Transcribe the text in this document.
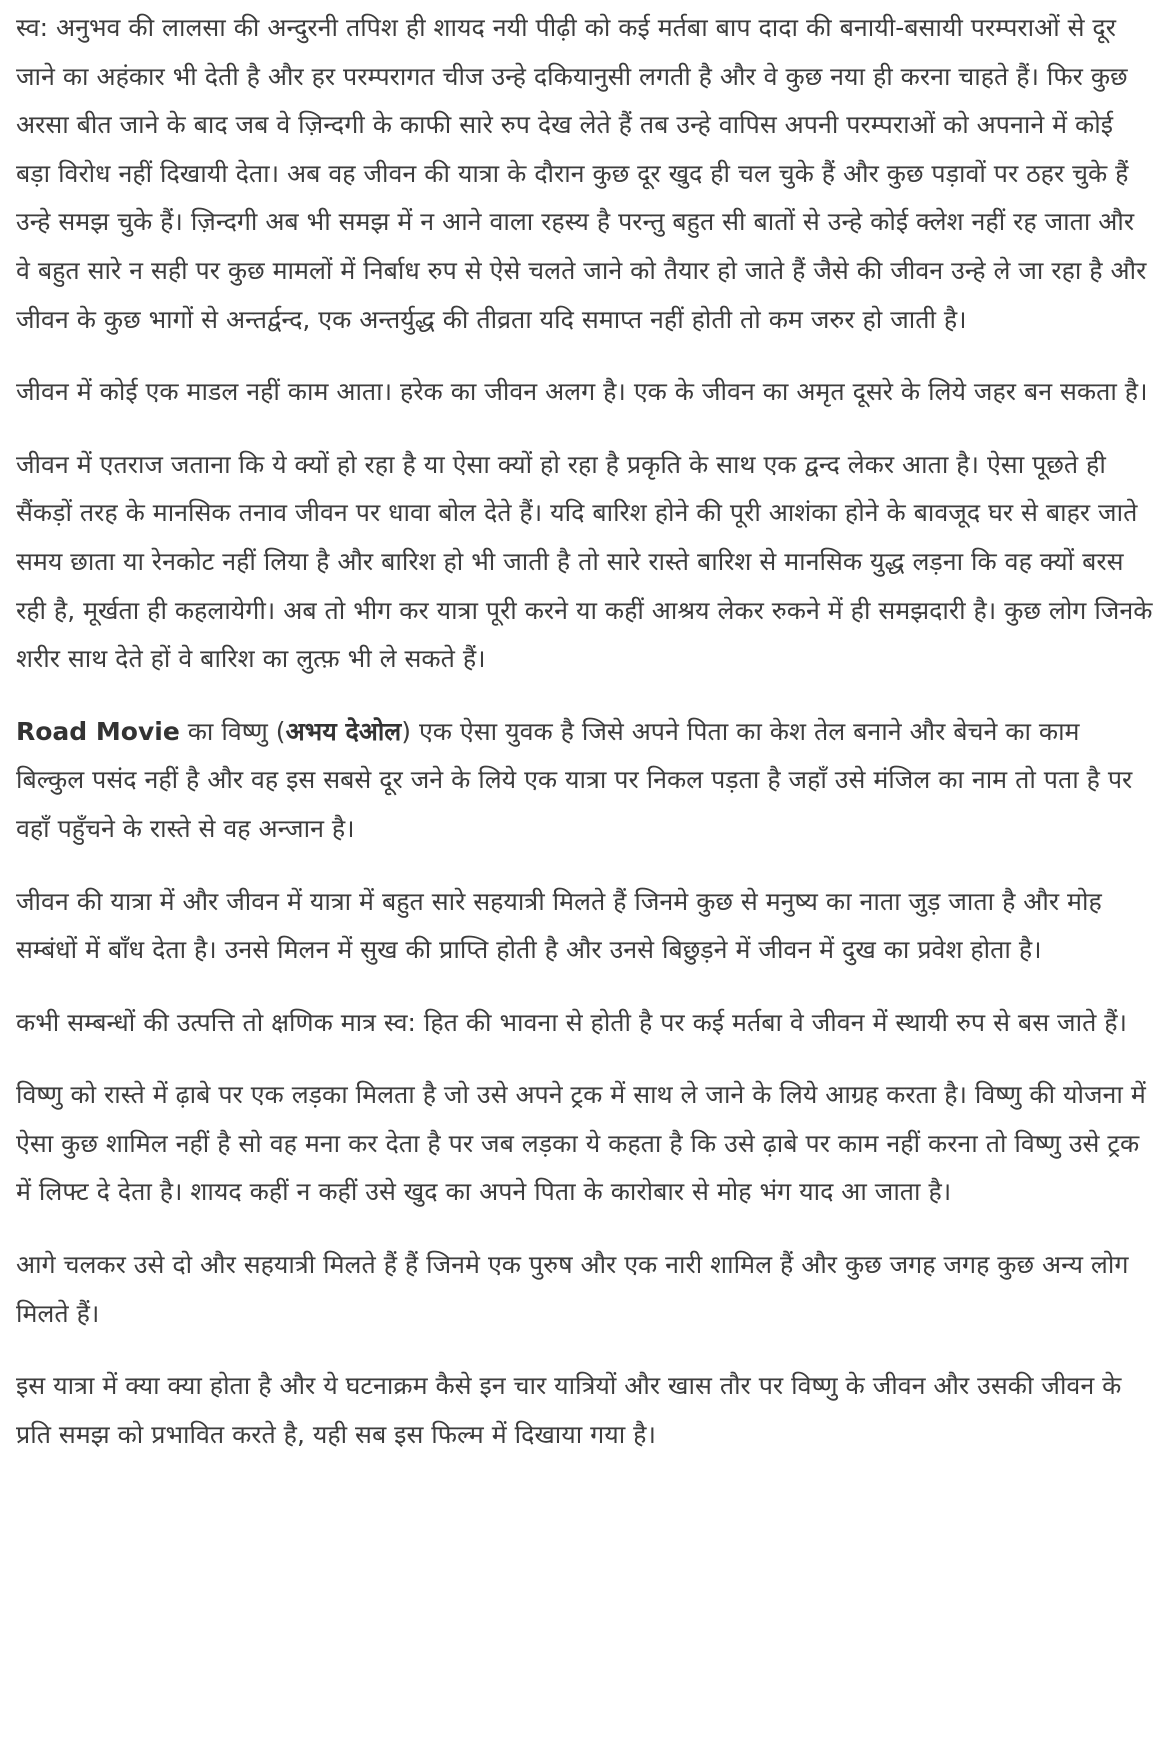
स्व: अनुभव की लालसा की अन्दुरनी तपिश ही शायद नयी पीढ़ी को कई मर्तबा बाप दादा की बनायी-बसायी परम्पराओं से दूर जाने का अहंकार भी देती है और हर परम्परागत चीज उन्हे दकियानुसी लगती है और वे कुछ नया ही करना चाहते हैं। फिर कुछ अरसा बीत जाने के बाद जब वे ज़िन्दगी के काफी सारे रुप देख लेते हैं तब उन्हे वापिस अपनी परम्पराओं को अपनाने में कोई बड़ा विरोध नहीं दिखायी देता। अब वह जीवन की यात्रा के दौरान कुछ दूर खुद ही चल चुके हैं और कुछ पड़ावों पर ठहर चुके हैं उन्हे समझ चुके हैं। ज़िन्दगी अब भी समझ में न आने वाला रहस्य है परन्तु बहुत सी बातों से उन्हे कोई क्लेश नहीं रह जाता और वे बहुत सारे न सही पर कुछ मामलों में निर्बाध रुप से ऐसे चलते जाने को तैयार हो जाते हैं जैसे की जीवन उन्हे ले जा रहा है और जीवन के कुछ भागों से अन्तर्द्वन्द, एक अन्तर्युद्ध की तीव्रता यदि समाप्त नहीं होती तो कम जरुर हो जाती है।

जीवन में कोई एक माडल नहीं काम आता। हरेक का जीवन अलग है। एक के जीवन का अमृत दूसरे के लिये जहर बन सकता है।

जीवन में एतराज जताना कि ये क्यों हो रहा है या ऐसा क्यों हो रहा है प्रकृति के साथ एक द्वन्द लेकर आता है। ऐसा पूछते ही सैंकड़ों तरह के मानसिक तनाव जीवन पर धावा बोल देते हैं। यदि बारिश होने की पूरी आशंका होने के बावजूद घर से बाहर जाते समय छाता या रेनकोट नहीं लिया है और बारिश हो भी जाती है तो सारे रास्ते बारिश से मानसिक युद्ध लड़ना कि वह क्यों बरस रही है, मूर्खता ही कहलायेगी। अब तो भीग कर यात्रा पूरी करने या कहीं आश्रय लेकर रुकने में ही समझदारी है। कुछ लोग जिनके शरीर साथ देते हों वे बारिश का लुत्फ़ भी ले सकते हैं।

Road Movie का विष्णु (अभय देओल) एक ऐसा युवक है जिसे अपने पिता का केश तेल बनाने और बेचने का काम बिल्कुल पसंद नहीं है और वह इस सबसे दूर जने के लिये एक यात्रा पर निकल पड़ता है जहाँ उसे मंजिल का नाम तो पता है पर वहाँ पहुँचने के रास्ते से वह अन्जान है।

जीवन की यात्रा में और जीवन में यात्रा में बहुत सारे सहयात्री मिलते हैं जिनमे कुछ से मनुष्य का नाता जुड़ जाता है और मोह सम्बंधों में बाँध देता है। उनसे मिलन में सुख की प्राप्ति होती है और उनसे बिछुड़ने में जीवन में दुख का प्रवेश होता है।

कभी सम्बन्धों की उत्पत्ति तो क्षणिक मात्र स्व: हित की भावना से होती है पर कई मर्तबा वे जीवन में स्थायी रुप से बस जाते हैं।

विष्णु को रास्ते में ढ़ाबे पर एक लड़का मिलता है जो उसे अपने ट्रक में साथ ले जाने के लिये आग्रह करता है। विष्णु की योजना में ऐसा कुछ शामिल नहीं है सो वह मना कर देता है पर जब लड़का ये कहता है कि उसे ढ़ाबे पर काम नहीं करना तो विष्णु उसे ट्रक में लिफ्ट दे देता है। शायद कहीं न कहीं उसे खुद का अपने पिता के कारोबार से मोह भंग याद आ जाता है।

आगे चलकर उसे दो और सहयात्री मिलते हैं हैं जिनमे एक पुरुष और एक नारी शामिल हैं और कुछ जगह जगह कुछ अन्य लोग मिलते हैं।

इस यात्रा में क्या क्या होता है और ये घटनाक्रम कैसे इन चार यात्रियों और खास तौर पर विष्णु के जीवन और उसकी जीवन के प्रति समझ को प्रभावित करते है, यही सब इस फिल्म में दिखाया गया है।
